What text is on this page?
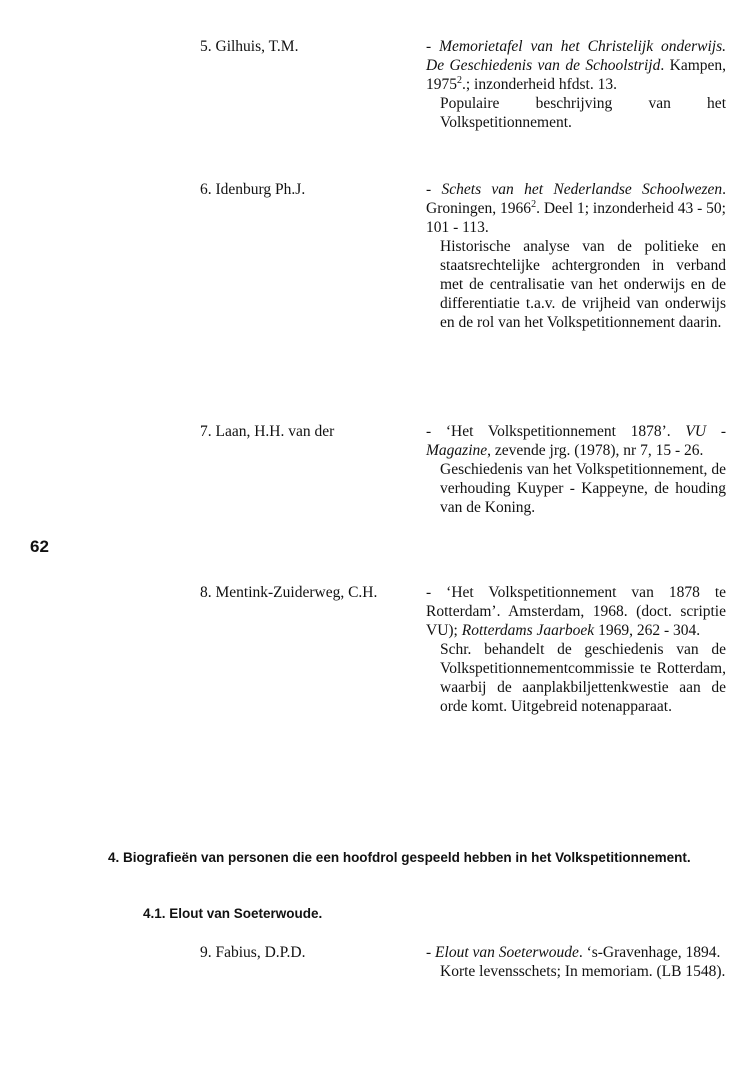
62
5. Gilhuis, T.M.	- Memorietafel van het Christelijk onderwijs. De Geschiedenis van de Schoolstrijd. Kampen, 1975$^2$.; inzonderheid hfdst. 13.
Populaire beschrijving van het Volkspetitionnement.
6. Idenburg Ph.J.	- Schets van het Nederlandse Schoolwezen. Groningen, 1966$^2$. Deel 1; inzonderheid 43 - 50; 101 - 113.
Historische analyse van de politieke en staatsrechtelijke achtergronden in verband met de centralisatie van het onderwijs en de differentiatie t.a.v. de vrijheid van onderwijs en de rol van het Volkspetitionnement daarin.
7. Laan, H.H. van der	- ‘Het Volkspetitionnement 1878’. VU - Magazine, zevende jrg. (1978), nr 7, 15 - 26.
Geschiedenis van het Volkspetitionnement, de verhouding Kuyper - Kappeyne, de houding van de Koning.
8. Mentink-Zuiderweg, C.H.	- ‘Het Volkspetitionnement van 1878 te Rotterdam’. Amsterdam, 1968. (doct. scriptie VU); Rotterdams Jaarboek 1969, 262 - 304.
Schr. behandelt de geschiedenis van de Volkspetitionnementcommissie te Rotterdam, waarbij de aanplakbiljettenkwestie aan de orde komt. Uitgebreid notenapparaat.
4. Biografieën van personen die een hoofdrol gespeeld hebben in het Volkspetitionnement.
4.1. Elout van Soeterwoude.
9. Fabius, D.P.D.	- Elout van Soeterwoude. ‘s-Gravenhage, 1894.
Korte levensschets; In memoriam. (LB 1548).
